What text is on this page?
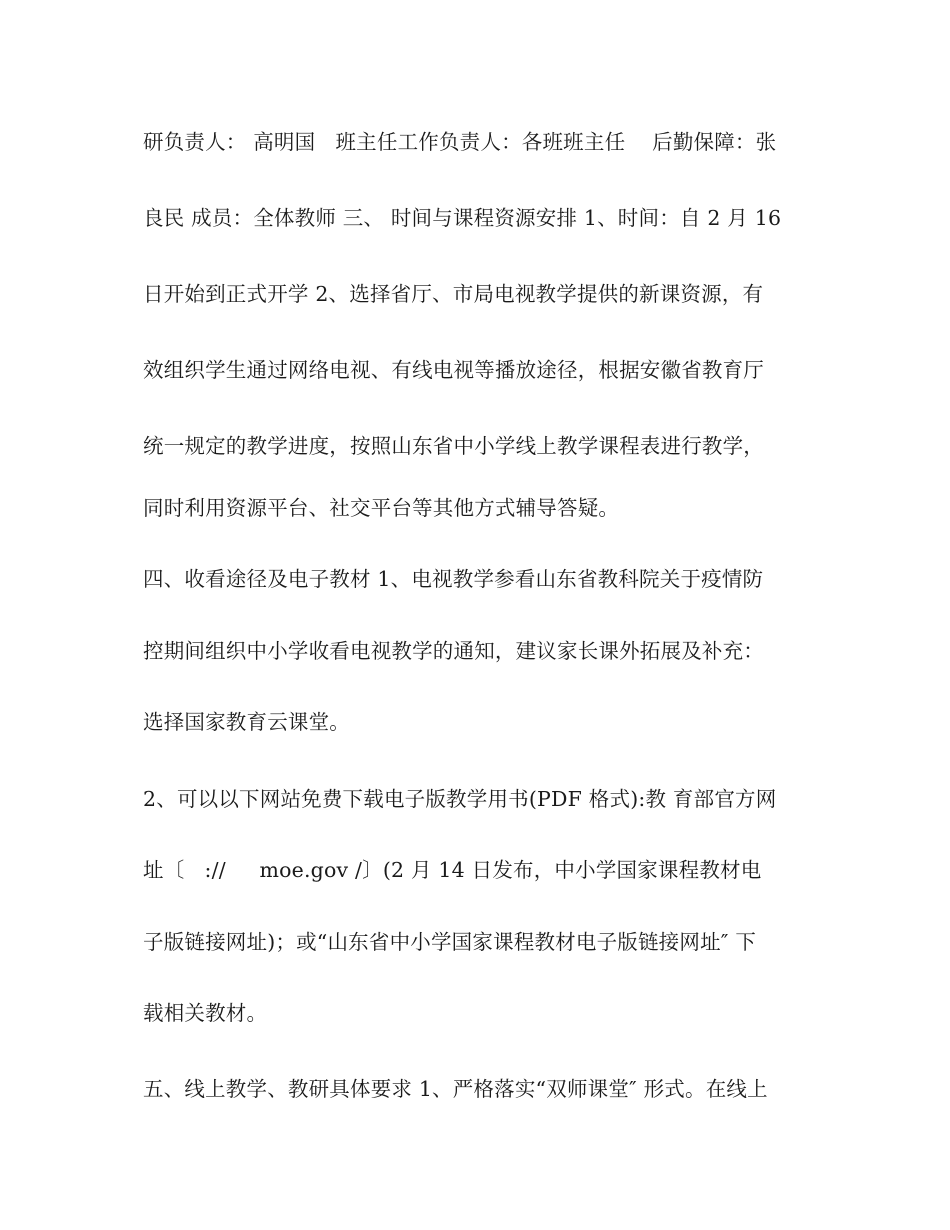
研负责人： 高明国   班主任工作负责人：各班班主任    后勤保障：张
良民 成员：全体教师 三、 时间与课程资源安排 1、时间：自 2 月 16
日开始到正式开学 2、选择省厅、市局电视教学提供的新课资源，有
效组织学生通过网络电视、有线电视等播放途径，根据安徽省教育厅
统一规定的教学进度，按照山东省中小学线上教学课程表进行教学，
同时利用资源平台、社交平台等其他方式辅导答疑。
四、收看途径及电子教材 1、电视教学参看山东省教科院关于疫情防
控期间组织中小学收看电视教学的通知，建议家长课外拓展及补充：
选择国家教育云课堂。
2、可以以下网站免费下载电子版教学用书(PDF 格式):教 育部官方网
址〔   ://     moe.gov /〕(2 月 14 日发布，中小学国家课程教材电
子版链接网址)；或“山东省中小学国家课程教材电子版链接网址″ 下
载相关教材。
五、线上教学、教研具体要求 1、严格落实“双师课堂″ 形式。在线上
